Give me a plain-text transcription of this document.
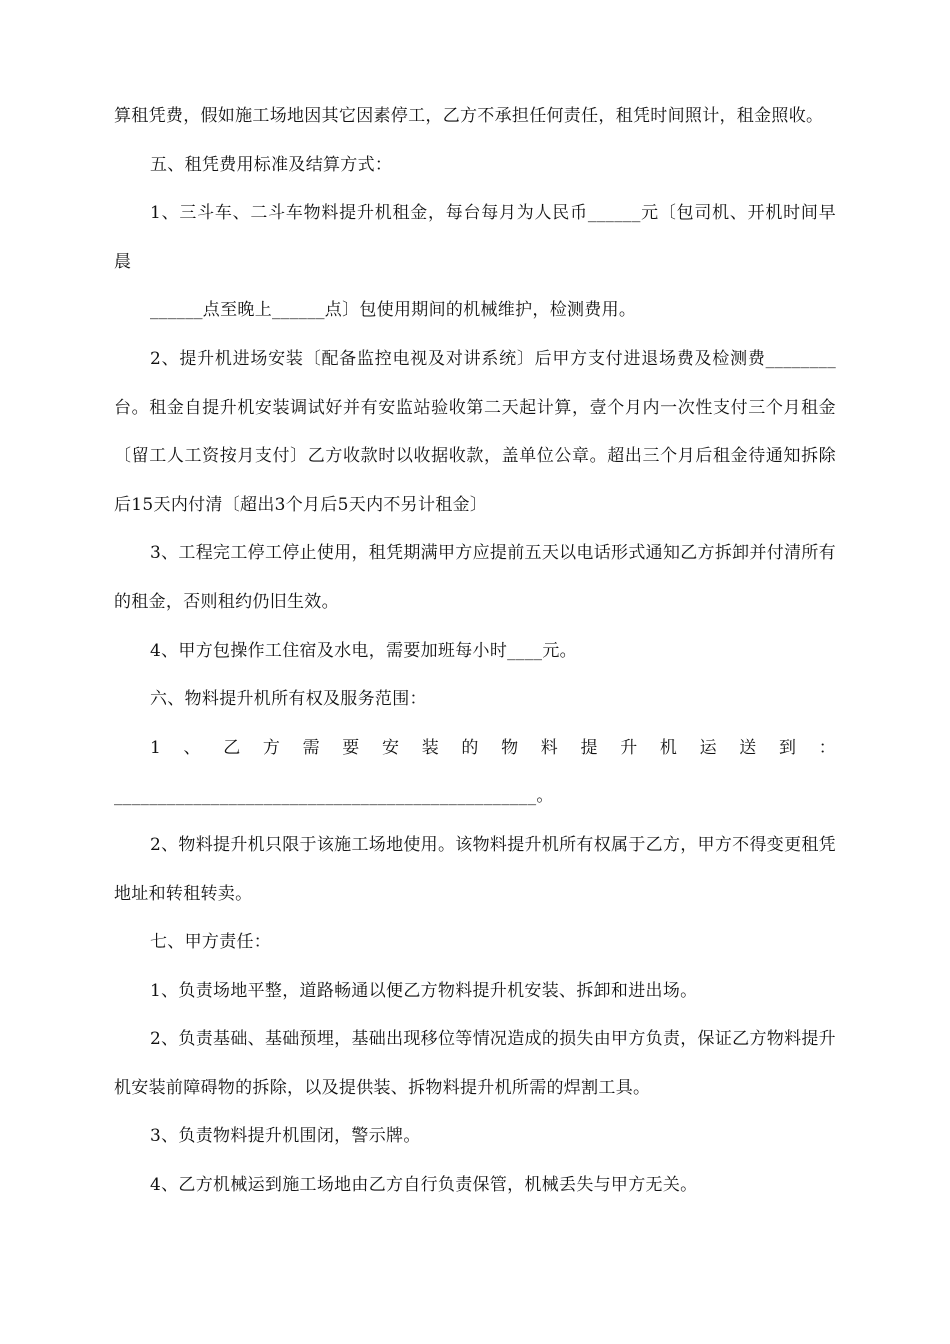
算租凭费，假如施工场地因其它因素停工，乙方不承担任何责任，租凭时间照计，租金照收。

五、租凭费用标准及结算方式：

1、三斗车、二斗车物料提升机租金，每台每月为人民币______元〔包司机、开机时间早晨

______点至晚上______点〕包使用期间的机械维护，检测费用。

2、提升机进场安装〔配备监控电视及对讲系统〕后甲方支付进退场费及检测费________台。租金自提升机安装调试好并有安监站验收第二天起计算，壹个月内一次性支付三个月租金〔留工人工资按月支付〕乙方收款时以收据收款，盖单位公章。超出三个月后租金待通知拆除后15天内付清〔超出3个月后5天内不另计租金〕

3、工程完工停工停止使用，租凭期满甲方应提前五天以电话形式通知乙方拆卸并付清所有的租金，否则租约仍旧生效。

4、甲方包操作工住宿及水电，需要加班每小时____元。

六、物料提升机所有权及服务范围：

1、乙方需要安装的物料提升机运送到：________________________________________________。

2、物料提升机只限于该施工场地使用。该物料提升机所有权属于乙方，甲方不得变更租凭地址和转租转卖。

七、甲方责任：

1、负责场地平整，道路畅通以便乙方物料提升机安装、拆卸和进出场。

2、负责基础、基础预埋，基础出现移位等情况造成的损失由甲方负责，保证乙方物料提升机安装前障碍物的拆除，以及提供装、拆物料提升机所需的焊割工具。

3、负责物料提升机围闭，警示牌。

4、乙方机械运到施工场地由乙方自行负责保管，机械丢失与甲方无关。
